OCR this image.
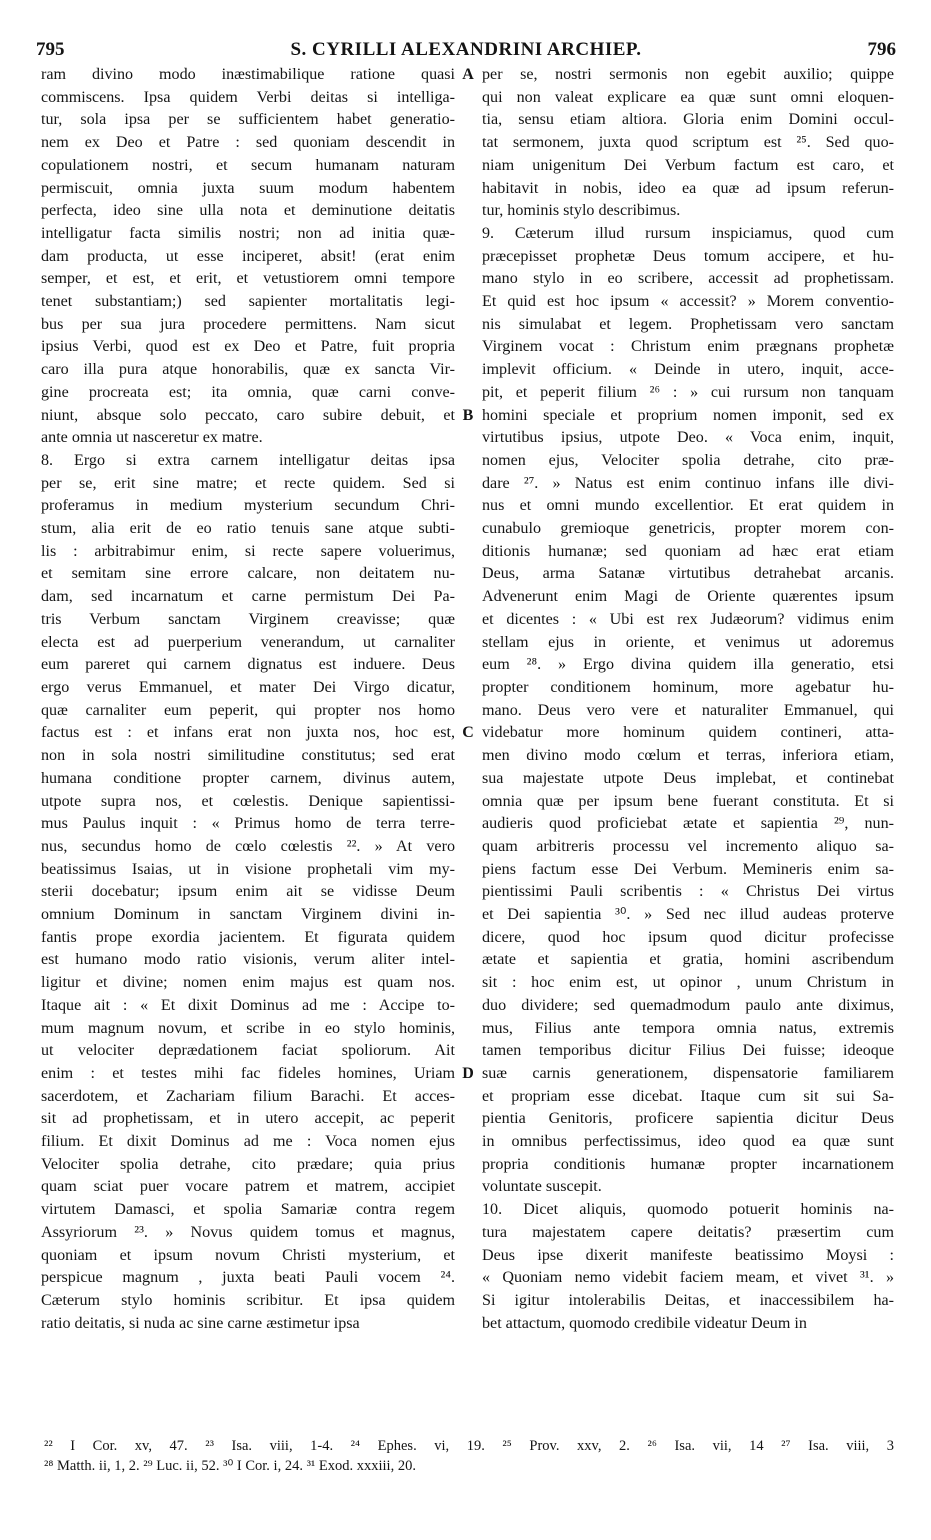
795	S. CYRILLI ALEXANDRINI ARCHIEP.	796

ram divino modo inæstimabilique ratione quasi

commiscens. Ipsa quidem Verbi deitas si intelliga-

tur, sola ipsa per se sufficientem habet generatio-

nem ex Deo et Patre : sed quoniam descendit in

copulationem nostri, et secum humanam naturam

permiscuit, omnia juxta suum modum habentem

perfecta, ideo sine ulla nota et deminutione deitatis

intelligatur facta similis nostri; non ad initia quæ-

dam producta, ut esse inciperet, absit! (erat enim

semper, et est, et erit, et vetustiorem omni tempore

tenet substantiam;) sed sapienter mortalitatis legi-

bus per sua jura procedere permittens. Nam sicut

ipsius Verbi, quod est ex Deo et Patre, fuit propria

caro illa pura atque honorabilis, quæ ex sancta Vir-

gine procreata est; ita omnia, quæ carni conve-

niunt, absque solo peccato, caro subire debuit, et

ante omnia ut nasceretur ex matre.

8. Ergo si extra carnem intelligatur deitas ipsa

per se, erit sine matre; et recte quidem. Sed si

proferamus in medium mysterium secundum Chri-

stum, alia erit de eo ratio tenuis sane atque subti-

lis : arbitrabimur enim, si recte sapere voluerimus,

et semitam sine errore calcare, non deitatem nu-

dam, sed incarnatum et carne permistum Dei Pa-

tris Verbum sanctam Virginem creavisse; quæ

electa est ad puerperium venerandum, ut carnaliter

eum pareret qui carnem dignatus est induere. Deus

ergo verus Emmanuel, et mater Dei Virgo dicatur,

quæ carnaliter eum peperit, qui propter nos homo

factus est : et infans erat non juxta nos, hoc est,

non in sola nostri similitudine constitutus; sed erat

humana conditione propter carnem, divinus autem,

utpote supra nos, et cœlestis. Denique sapientissi-

mus Paulus inquit : « Primus homo de terra terre-

nus, secundus homo de cœlo cœlestis ²². » At vero

beatissimus Isaias, ut in visione prophetali vim my-

sterii docebatur; ipsum enim ait se vidisse Deum

omnium Dominum in sanctam Virginem divini in-

fantis prope exordia jacientem. Et figurata quidem

est humano modo ratio visionis, verum aliter intel-

ligitur et divine; nomen enim majus est quam nos.

Itaque ait : « Et dixit Dominus ad me : Accipe to-

mum magnum novum, et scribe in eo stylo hominis,

ut velociter deprædationem faciat spoliorum. Ait

enim : et testes mihi fac fideles homines, Uriam

sacerdotem, et Zachariam filium Barachi. Et acces-

sit ad prophetissam, et in utero accepit, ac peperit

filium. Et dixit Dominus ad me : Voca nomen ejus

Velociter spolia detrahe, cito prædare; quia prius

quam sciat puer vocare patrem et matrem, accipiet

virtutem Damasci, et spolia Samariæ contra regem

Assyriorum ²³. » Novus quidem tomus et magnus,

quoniam et ipsum novum Christi mysterium, et

perspicue magnum , juxta beati Pauli vocem ²⁴.

Cæterum stylo hominis scribitur. Et ipsa quidem

ratio deitatis, si nuda ac sine carne æstimetur ipsa

per se, nostri sermonis non egebit auxilio; quippe

qui non valeat explicare ea quæ sunt omni eloquen-

tia, sensu etiam altiora. Gloria enim Domini occul-

tat sermonem, juxta quod scriptum est ²⁵. Sed quo-

niam unigenitum Dei Verbum factum est caro, et

habitavit in nobis, ideo ea quæ ad ipsum referun-

tur, hominis stylo describimus.

9. Cæterum illud rursum inspiciamus, quod cum

præcepisset prophetæ Deus tomum accipere, et hu-

mano stylo in eo scribere, accessit ad prophetissam.

Et quid est hoc ipsum « accessit? » Morem conventio-

nis simulabat et legem. Prophetissam vero sanctam

Virginem vocat : Christum enim prægnans prophetæ

implevit officium. « Deinde in utero, inquit, acce-

pit, et peperit filium ²⁶ : » cui rursum non tanquam

homini speciale et proprium nomen imponit, sed ex

virtutibus ipsius, utpote Deo. « Voca enim, inquit,

nomen ejus, Velociter spolia detrahe, cito præ-

dare ²⁷. » Natus est enim continuo infans ille divi-

nus et omni mundo excellentior. Et erat quidem in

cunabulo gremioque genetricis, propter morem con-

ditionis humanæ; sed quoniam ad hæc erat etiam

Deus, arma Satanæ virtutibus detrahebat arcanis.

Advenerunt enim Magi de Oriente quærentes ipsum

et dicentes : « Ubi est rex Judæorum? vidimus enim

stellam ejus in oriente, et venimus ut adoremus

eum ²⁸. » Ergo divina quidem illa generatio, etsi

propter conditionem hominum, more agebatur hu-

mano. Deus vero vere et naturaliter Emmanuel, qui

videbatur more hominum quidem contineri, atta-

men divino modo cœlum et terras, inferiora etiam,

sua majestate utpote Deus implebat, et continebat

omnia quæ per ipsum bene fuerant constituta. Et si

audieris quod proficiebat ætate et sapientia ²⁹, nun-

quam arbitreris processu vel incremento aliquo sa-

piens factum esse Dei Verbum. Memineris enim sa-

pientissimi Pauli scribentis : « Christus Dei virtus

et Dei sapientia ³⁰. » Sed nec illud audeas proterve

dicere, quod hoc ipsum quod dicitur profecisse

ætate et sapientia et gratia, homini ascribendum

sit : hoc enim est, ut opinor , unum Christum in

duo dividere; sed quemadmodum paulo ante diximus,

mus, Filius ante tempora omnia natus, extremis

tamen temporibus dicitur Filius Dei fuisse; ideoque

suæ carnis generationem, dispensatorie familiarem

et propriam esse dicebat. Itaque cum sit sui Sa-

pientia Genitoris, proficere sapientia dicitur Deus

in omnibus perfectissimus, ideo quod ea quæ sunt

propria conditionis humanæ propter incarnationem

voluntate suscepit.

10. Dicet aliquis, quomodo potuerit hominis na-

tura majestatem capere deitatis? præsertim cum

Deus ipse dixerit manifeste beatissimo Moysi :

« Quoniam nemo videbit faciem meam, et vivet ³¹. »

Si igitur intolerabilis Deitas, et inaccessibilem ha-

bet attactum, quomodo credibile videatur Deum in

A
B
C
D

²² I Cor. xv, 47. ²³ Isa. viii, 1-4. ²⁴ Ephes. vi, 19. ²⁵ Prov. xxv, 2. ²⁶ Isa. vii, 14 ²⁷ Isa. viii, 3

²⁸ Matth. ii, 1, 2. ²⁹ Luc. ii, 52. ³⁰ I Cor. i, 24. ³¹ Exod. xxxiii, 20.
